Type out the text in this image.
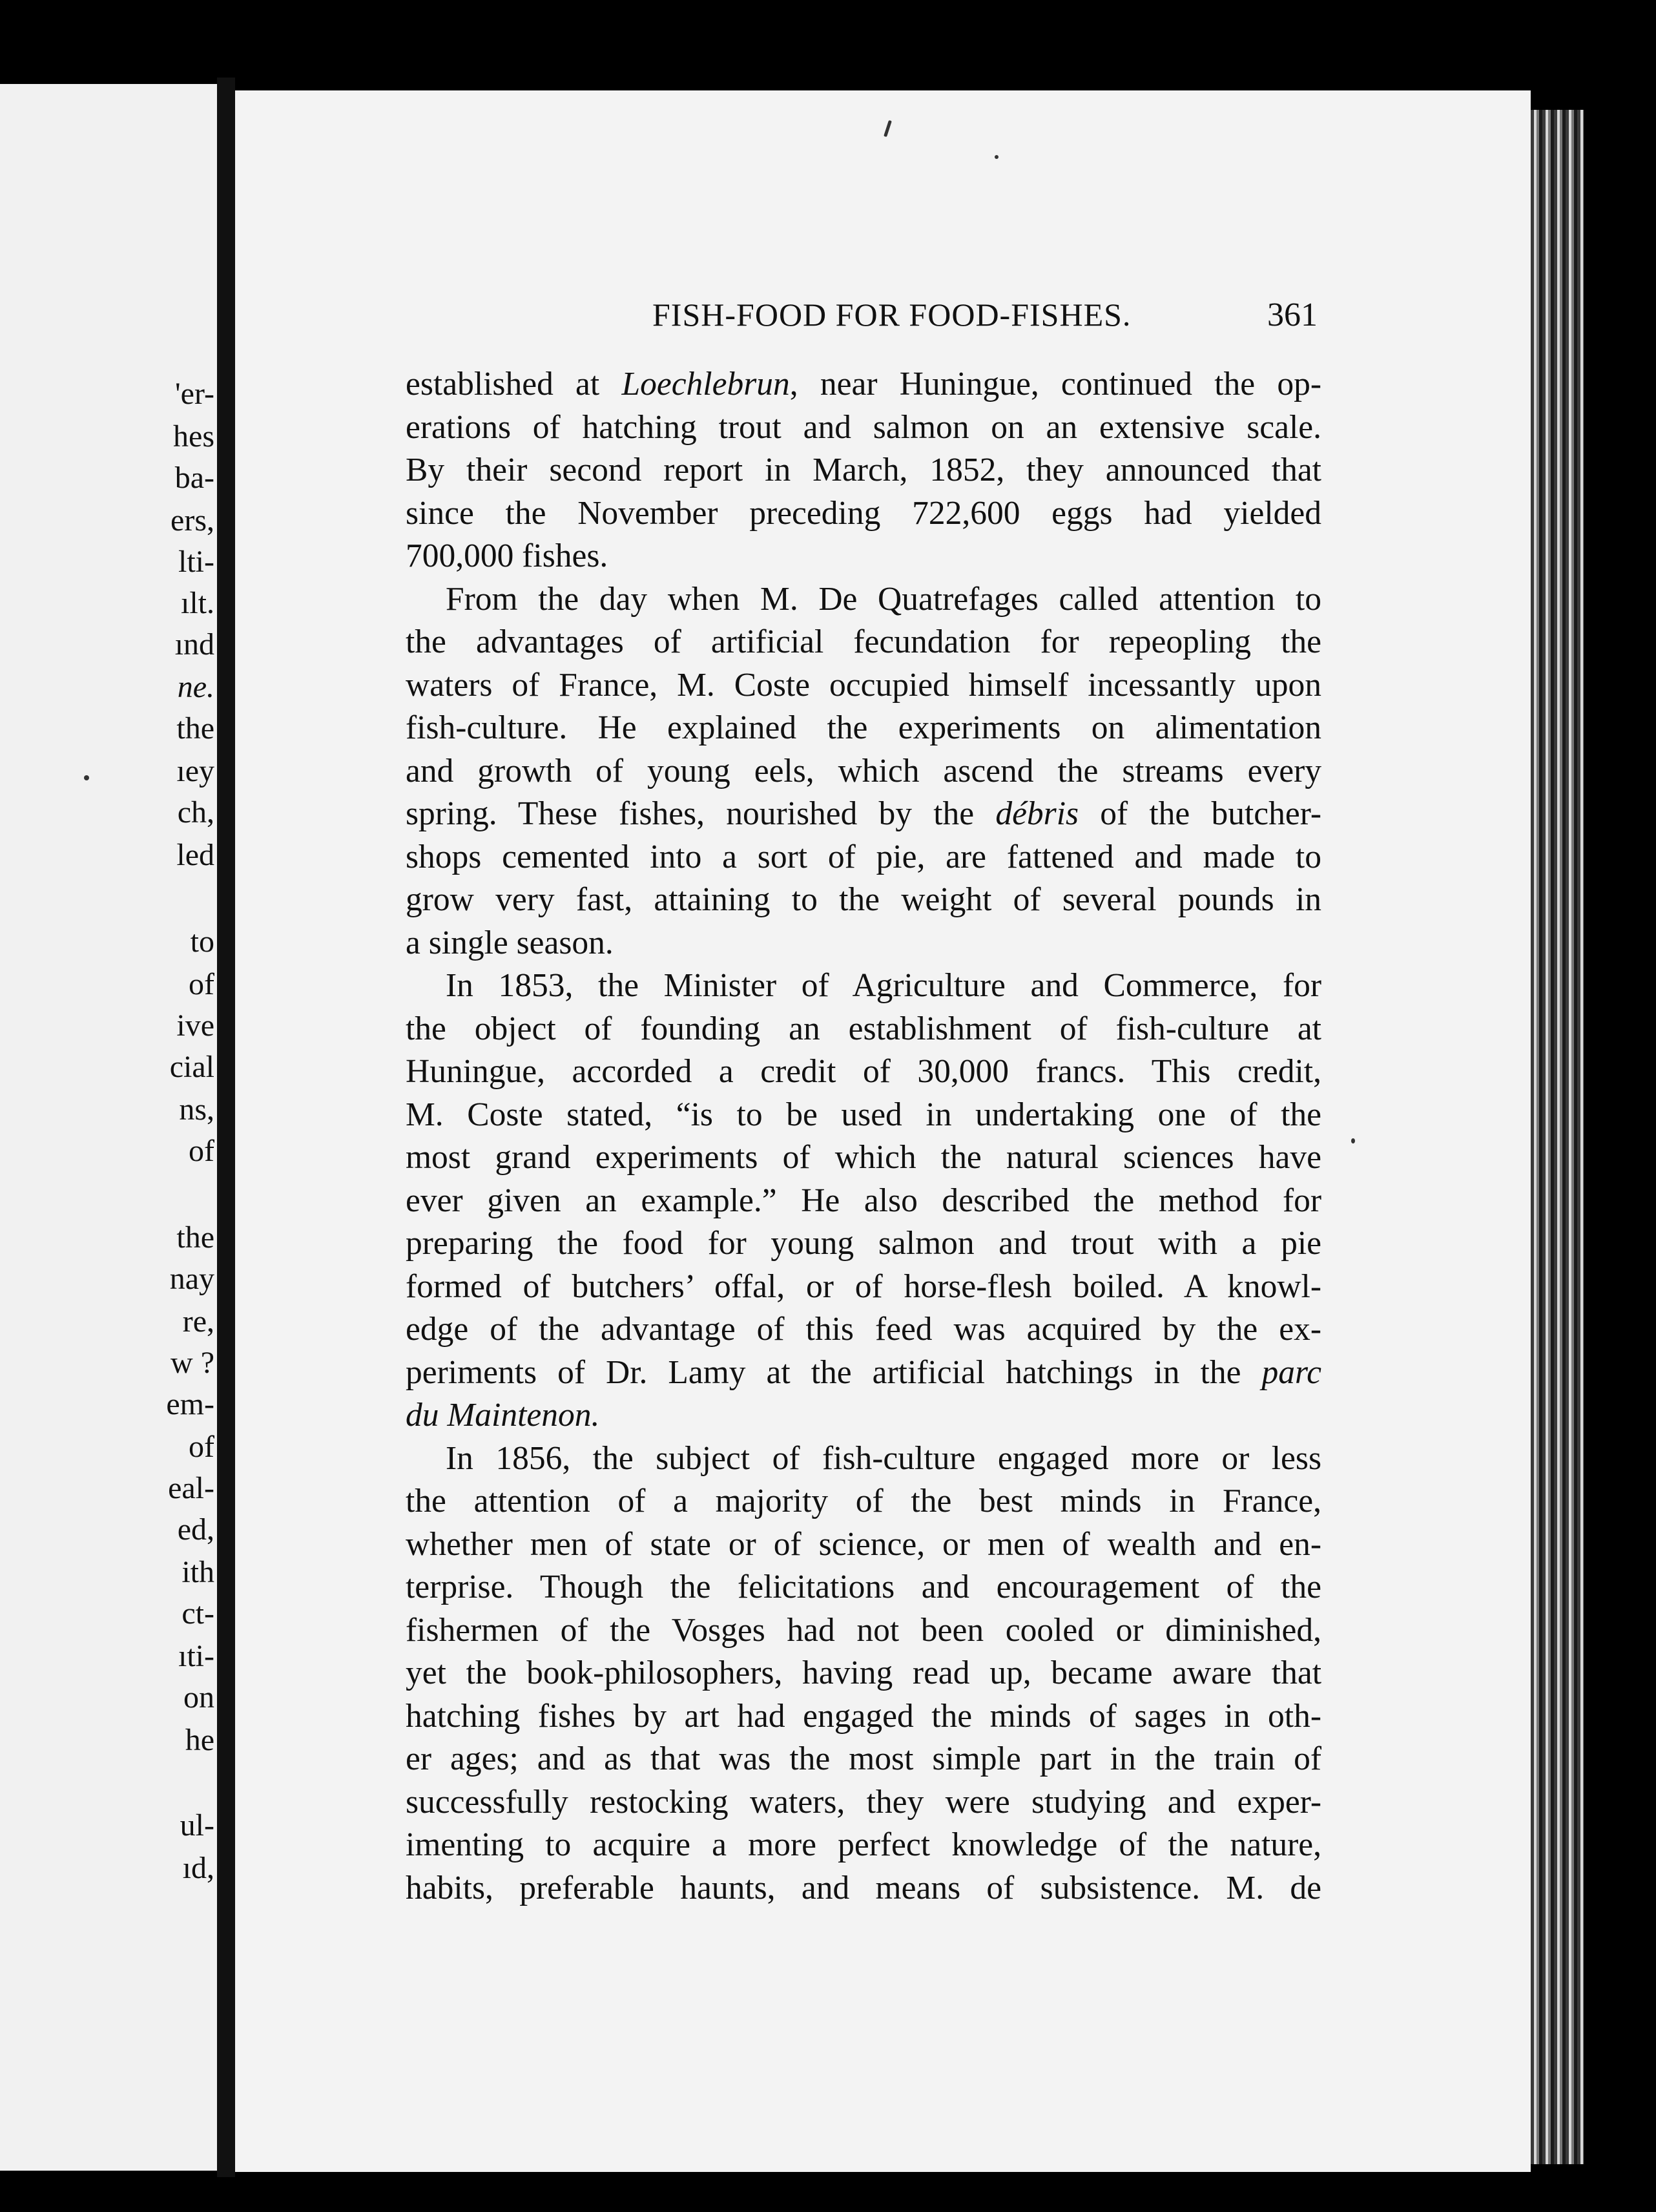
'er-
hes
ba-
ers,
lti-
ılt.
ınd
ne.
the
ıey
ch,
led
to
of
ive
cial
ns,
of
the
nay
re,
w ?
em-
of
eal-
ed,
ith
ct-
ıti-
on
he
ul-
ıd,
FISH-FOOD FOR FOOD-FISHES.	361
established at Loechlebrun, near Huningue, continued the op-
erations of hatching trout and salmon on an extensive scale.
By their second report in March, 1852, they announced that
since the November preceding 722,600 eggs had yielded
700,000 fishes.
From the day when M. De Quatrefages called attention to
the advantages of artificial fecundation for repeopling the
waters of France, M. Coste occupied himself incessantly upon
fish-culture. He explained the experiments on alimentation
and growth of young eels, which ascend the streams every
spring. These fishes, nourished by the débris of the butcher-
shops cemented into a sort of pie, are fattened and made to
grow very fast, attaining to the weight of several pounds in
a single season.
In 1853, the Minister of Agriculture and Commerce, for
the object of founding an establishment of fish-culture at
Huningue, accorded a credit of 30,000 francs. This credit,
M. Coste stated, “is to be used in undertaking one of the
most grand experiments of which the natural sciences have
ever given an example.” He also described the method for
preparing the food for young salmon and trout with a pie
formed of butchers’ offal, or of horse-flesh boiled. A knowl-
edge of the advantage of this feed was acquired by the ex-
periments of Dr. Lamy at the artificial hatchings in the parc
du Maintenon.
In 1856, the subject of fish-culture engaged more or less
the attention of a majority of the best minds in France,
whether men of state or of science, or men of wealth and en-
terprise. Though the felicitations and encouragement of the
fishermen of the Vosges had not been cooled or diminished,
yet the book-philosophers, having read up, became aware that
hatching fishes by art had engaged the minds of sages in oth-
er ages; and as that was the most simple part in the train of
successfully restocking waters, they were studying and exper-
imenting to acquire a more perfect knowledge of the nature,
habits, preferable haunts, and means of subsistence. M. de
